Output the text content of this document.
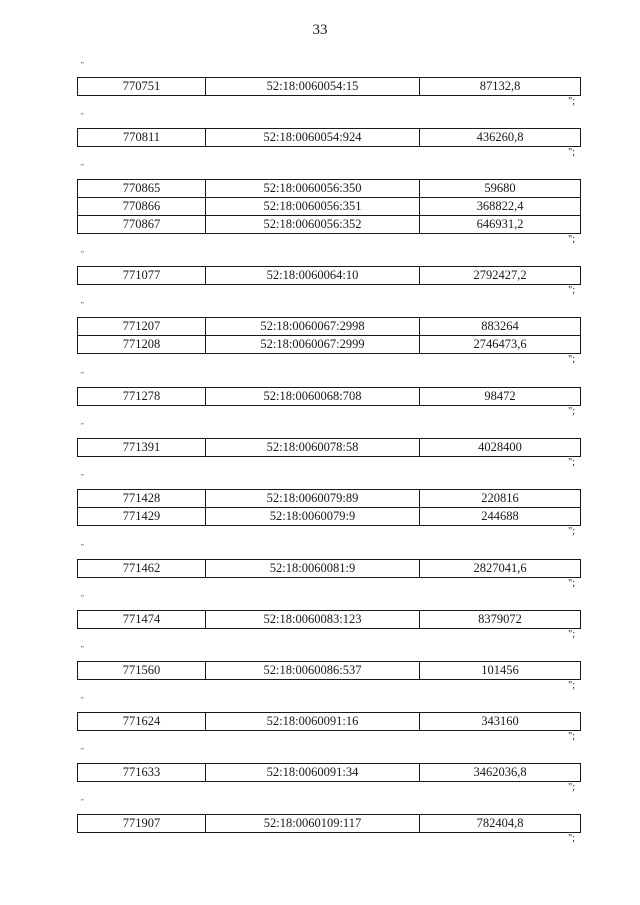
33
"
770751	52:18:0060054:15	87132,8
";
"
770811	52:18:0060054:924	436260,8
";
"
770865	52:18:0060056:350	59680
770866	52:18:0060056:351	368822,4
770867	52:18:0060056:352	646931,2
";
"
771077	52:18:0060064:10	2792427,2
";
"
771207	52:18:0060067:2998	883264
771208	52:18:0060067:2999	2746473,6
";
"
771278	52:18:0060068:708	98472
";
"
771391	52:18:0060078:58	4028400
";
"
771428	52:18:0060079:89	220816
771429	52:18:0060079:9	244688
";
"
771462	52:18:0060081:9	2827041,6
";
"
771474	52:18:0060083:123	8379072
";
"
771560	52:18:0060086:537	101456
";
"
771624	52:18:0060091:16	343160
";
"
771633	52:18:0060091:34	3462036,8
";
"
771907	52:18:0060109:117	782404,8
";
